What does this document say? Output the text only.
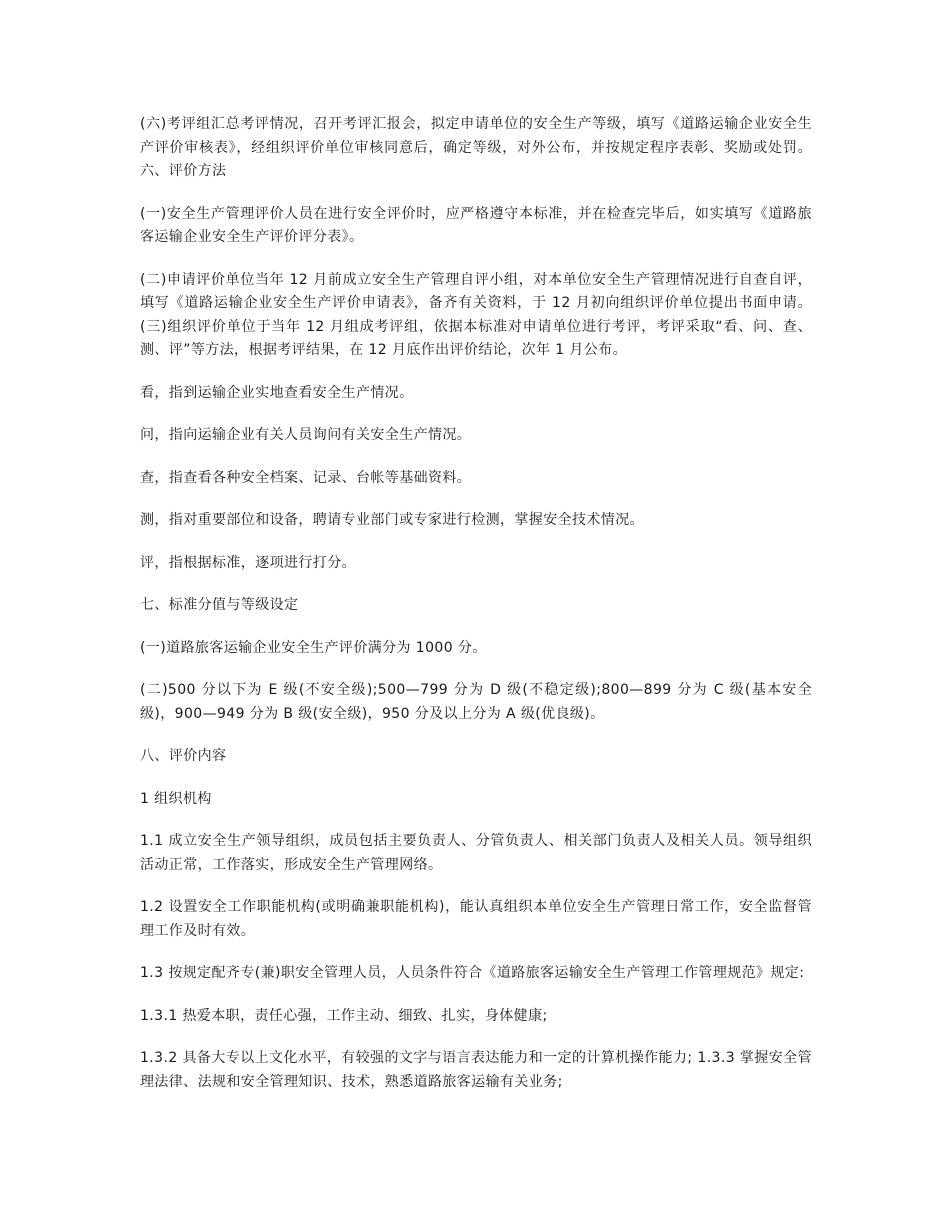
(六)考评组汇总考评情况，召开考评汇报会，拟定申请单位的安全生产等级，填写《道路运输企业安全生产评价审核表》，经组织评价单位审核同意后，确定等级，对外公布，并按规定程序表彰、奖励或处罚。 六、评价方法

(一)安全生产管理评价人员在进行安全评价时，应严格遵守本标准，并在检查完毕后，如实填写《道路旅客运输企业安全生产评价评分表》。

(二)申请评价单位当年 12 月前成立安全生产管理自评小组，对本单位安全生产管理情况进行自查自评，填写《道路运输企业安全生产评价申请表》，备齐有关资料，于 12 月初向组织评价单位提出书面申请。 (三)组织评价单位于当年 12 月组成考评组，依据本标准对申请单位进行考评，考评采取“看、问、查、测、评”等方法，根据考评结果，在 12 月底作出评价结论，次年 1 月公布。

看，指到运输企业实地查看安全生产情况。

问，指向运输企业有关人员询问有关安全生产情况。

查，指查看各种安全档案、记录、台帐等基础资料。

测，指对重要部位和设备，聘请专业部门或专家进行检测，掌握安全技术情况。

评，指根据标准，逐项进行打分。

七、标准分值与等级设定

(一)道路旅客运输企业安全生产评价满分为 1000 分。

(二)500 分以下为 E 级(不安全级);500—799 分为 D 级(不稳定级);800—899 分为 C 级(基本安全级)，900—949 分为 B 级(安全级)，950 分及以上分为 A 级(优良级)。

八、评价内容

1 组织机构

1.1 成立安全生产领导组织，成员包括主要负责人、分管负责人、相关部门负责人及相关人员。领导组织活动正常，工作落实，形成安全生产管理网络。

1.2 设置安全工作职能机构(或明确兼职能机构)，能认真组织本单位安全生产管理日常工作，安全监督管理工作及时有效。

1.3 按规定配齐专(兼)职安全管理人员，人员条件符合《道路旅客运输安全生产管理工作管理规范》规定:

1.3.1 热爱本职，责任心强，工作主动、细致、扎实，身体健康;

1.3.2 具备大专以上文化水平，有较强的文字与语言表达能力和一定的计算机操作能力; 1.3.3 掌握安全管理法律、法规和安全管理知识、技术，熟悉道路旅客运输有关业务;
